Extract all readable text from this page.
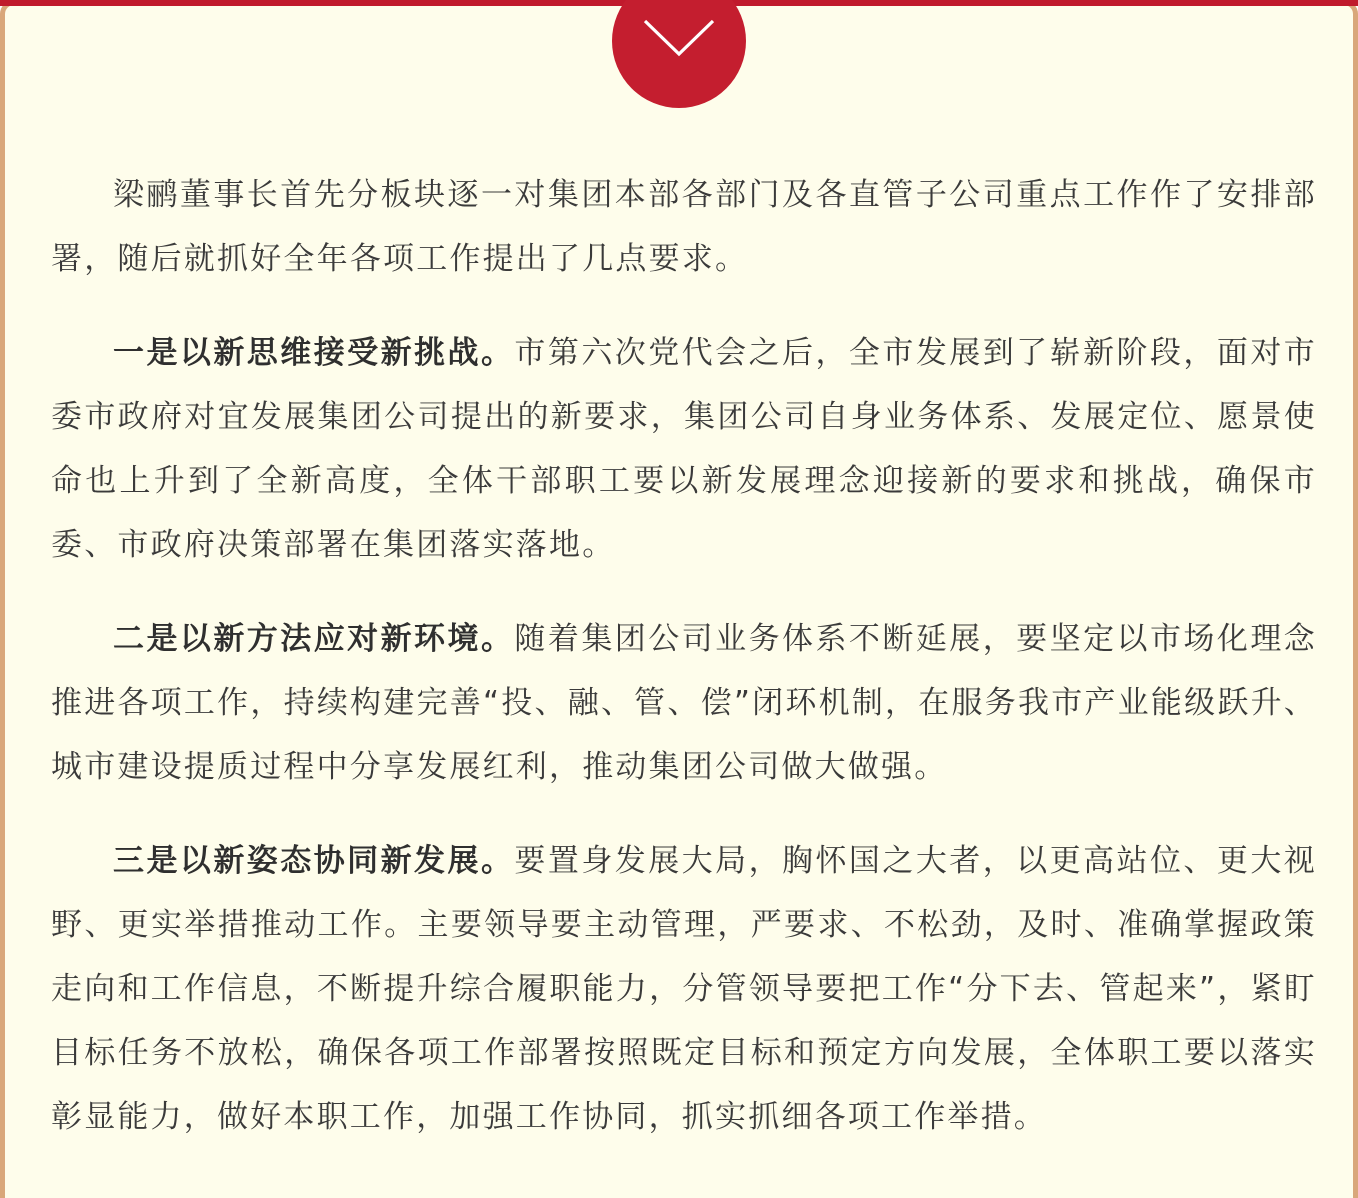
梁鹂董事长首先分板块逐一对集团本部各部门及各直管子公司重点工作作了安排部署，随后就抓好全年各项工作提出了几点要求。

一是以新思维接受新挑战。市第六次党代会之后，全市发展到了崭新阶段，面对市委市政府对宜发展集团公司提出的新要求，集团公司自身业务体系、发展定位、愿景使命也上升到了全新高度，全体干部职工要以新发展理念迎接新的要求和挑战，确保市委、市政府决策部署在集团落实落地。

二是以新方法应对新环境。随着集团公司业务体系不断延展，要坚定以市场化理念推进各项工作，持续构建完善“投、融、管、偿”闭环机制，在服务我市产业能级跃升、城市建设提质过程中分享发展红利，推动集团公司做大做强。

三是以新姿态协同新发展。要置身发展大局，胸怀国之大者，以更高站位、更大视野、更实举措推动工作。主要领导要主动管理，严要求、不松劲，及时、准确掌握政策走向和工作信息，不断提升综合履职能力，分管领导要把工作“分下去、管起来”，紧盯目标任务不放松，确保各项工作部署按照既定目标和预定方向发展，全体职工要以落实彰显能力，做好本职工作，加强工作协同，抓实抓细各项工作举措。
